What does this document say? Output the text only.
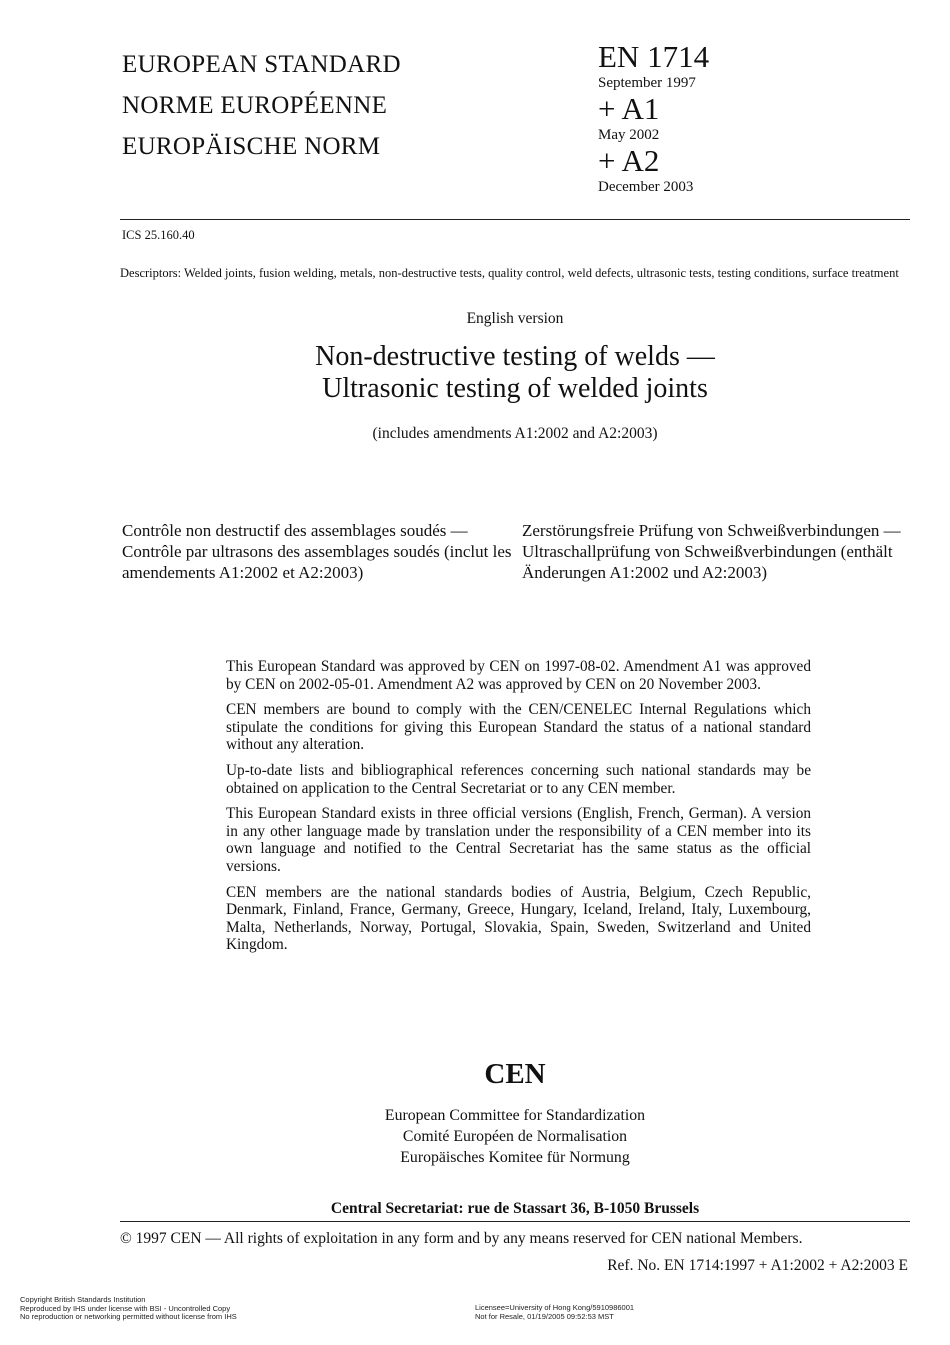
EUROPEAN STANDARD
NORME EUROPÉENNE
EUROPÄISCHE NORM
EN 1714
September 1997
+ A1
May 2002
+ A2
December 2003
ICS 25.160.40
Descriptors: Welded joints, fusion welding, metals, non-destructive tests, quality control, weld defects, ultrasonic tests, testing conditions, surface treatment
English version
Non-destructive testing of welds —
Ultrasonic testing of welded joints
(includes amendments A1:2002 and A2:2003)
Contrôle non destructif des assemblages soudés — Contrôle par ultrasons des assemblages soudés (inclut les amendements A1:2002 et A2:2003)
Zerstörungsfreie Prüfung von Schweißverbindungen — Ultraschallprüfung von Schweißverbindungen (enthält Änderungen A1:2002 und A2:2003)

This European Standard was approved by CEN on 1997-08-02. Amendment A1 was approved by CEN on 2002-05-01. Amendment A2 was approved by CEN on 20 November 2003.

CEN members are bound to comply with the CEN/CENELEC Internal Regulations which stipulate the conditions for giving this European Standard the status of a national standard without any alteration.

Up-to-date lists and bibliographical references concerning such national standards may be obtained on application to the Central Secretariat or to any CEN member.

This European Standard exists in three official versions (English, French, German). A version in any other language made by translation under the responsibility of a CEN member into its own language and notified to the Central Secretariat has the same status as the official versions.

CEN members are the national standards bodies of Austria, Belgium, Czech Republic, Denmark, Finland, France, Germany, Greece, Hungary, Iceland, Ireland, Italy, Luxembourg, Malta, Netherlands, Norway, Portugal, Slovakia, Spain, Sweden, Switzerland and United Kingdom.

CEN
European Committee for Standardization
Comité Européen de Normalisation
Europäisches Komitee für Normung
Central Secretariat: rue de Stassart 36, B-1050 Brussels
© 1997 CEN — All rights of exploitation in any form and by any means reserved for CEN national Members.
Ref. No. EN 1714:1997 + A1:2002 + A2:2003 E
Copyright British Standards Institution
Reproduced by IHS under license with BSI - Uncontrolled Copy
No reproduction or networking permitted without license from IHS
Licensee=University of Hong Kong/5910986001
Not for Resale, 01/19/2005 09:52:53 MST
